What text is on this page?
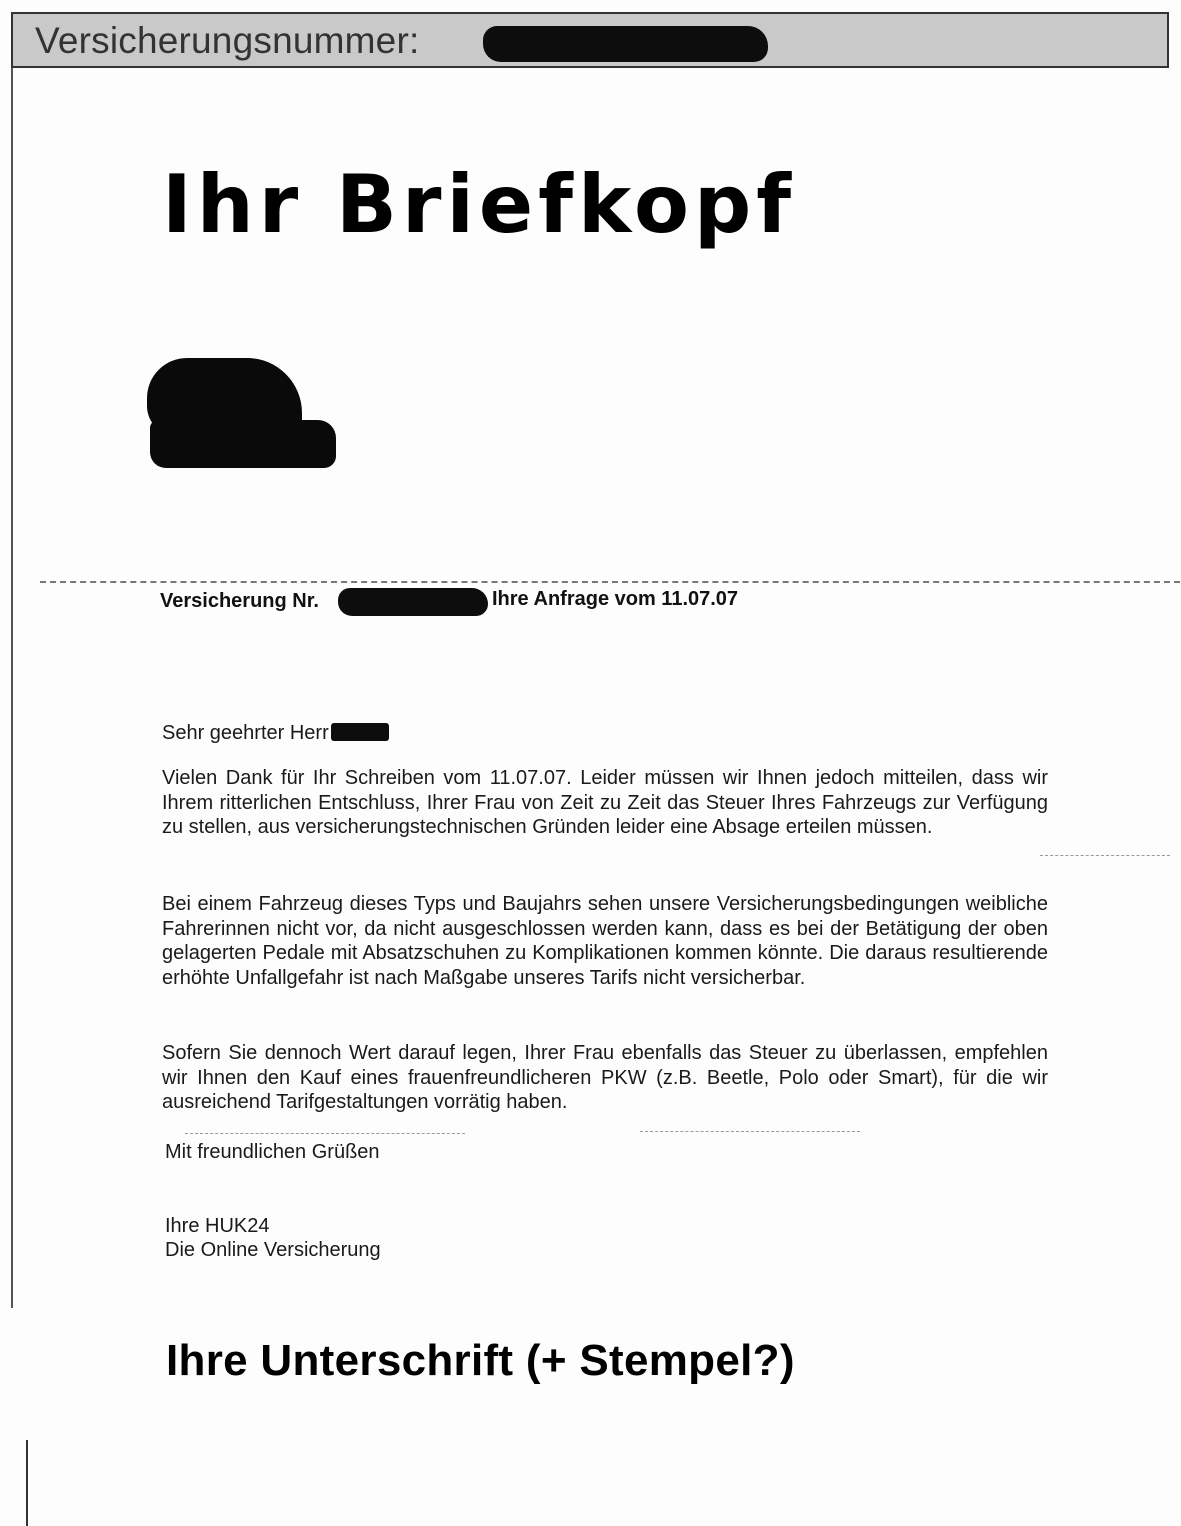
Versicherungsnummer:
Ihr Briefkopf
Versicherung Nr.	Ihre Anfrage vom 11.07.07
Sehr geehrter Herr

Vielen Dank für Ihr Schreiben vom 11.07.07. Leider müssen wir Ihnen jedoch mitteilen, dass wir Ihrem ritterlichen Entschluss, Ihrer Frau von Zeit zu Zeit das Steuer Ihres Fahrzeugs zur Verfügung zu stellen, aus versicherungstechnischen Gründen leider eine Absage erteilen müssen.

Bei einem Fahrzeug dieses Typs und Baujahrs sehen unsere Versicherungsbedingungen weibliche Fahrerinnen nicht vor, da nicht ausgeschlossen werden kann, dass es bei der Betätigung der oben gelagerten Pedale mit Absatzschuhen zu Komplikationen kommen könnte. Die daraus resultierende erhöhte Unfallgefahr ist nach Maßgabe unseres Tarifs nicht versicherbar.

Sofern Sie dennoch Wert darauf legen, Ihrer Frau ebenfalls das Steuer zu überlassen, empfehlen wir Ihnen den Kauf eines frauenfreundlicheren PKW (z.B. Beetle, Polo oder Smart), für die wir ausreichend Tarifgestaltungen vorrätig haben.

Mit freundlichen Grüßen
Ihre HUK24
Die Online Versicherung
Ihre Unterschrift (+ Stempel?)
